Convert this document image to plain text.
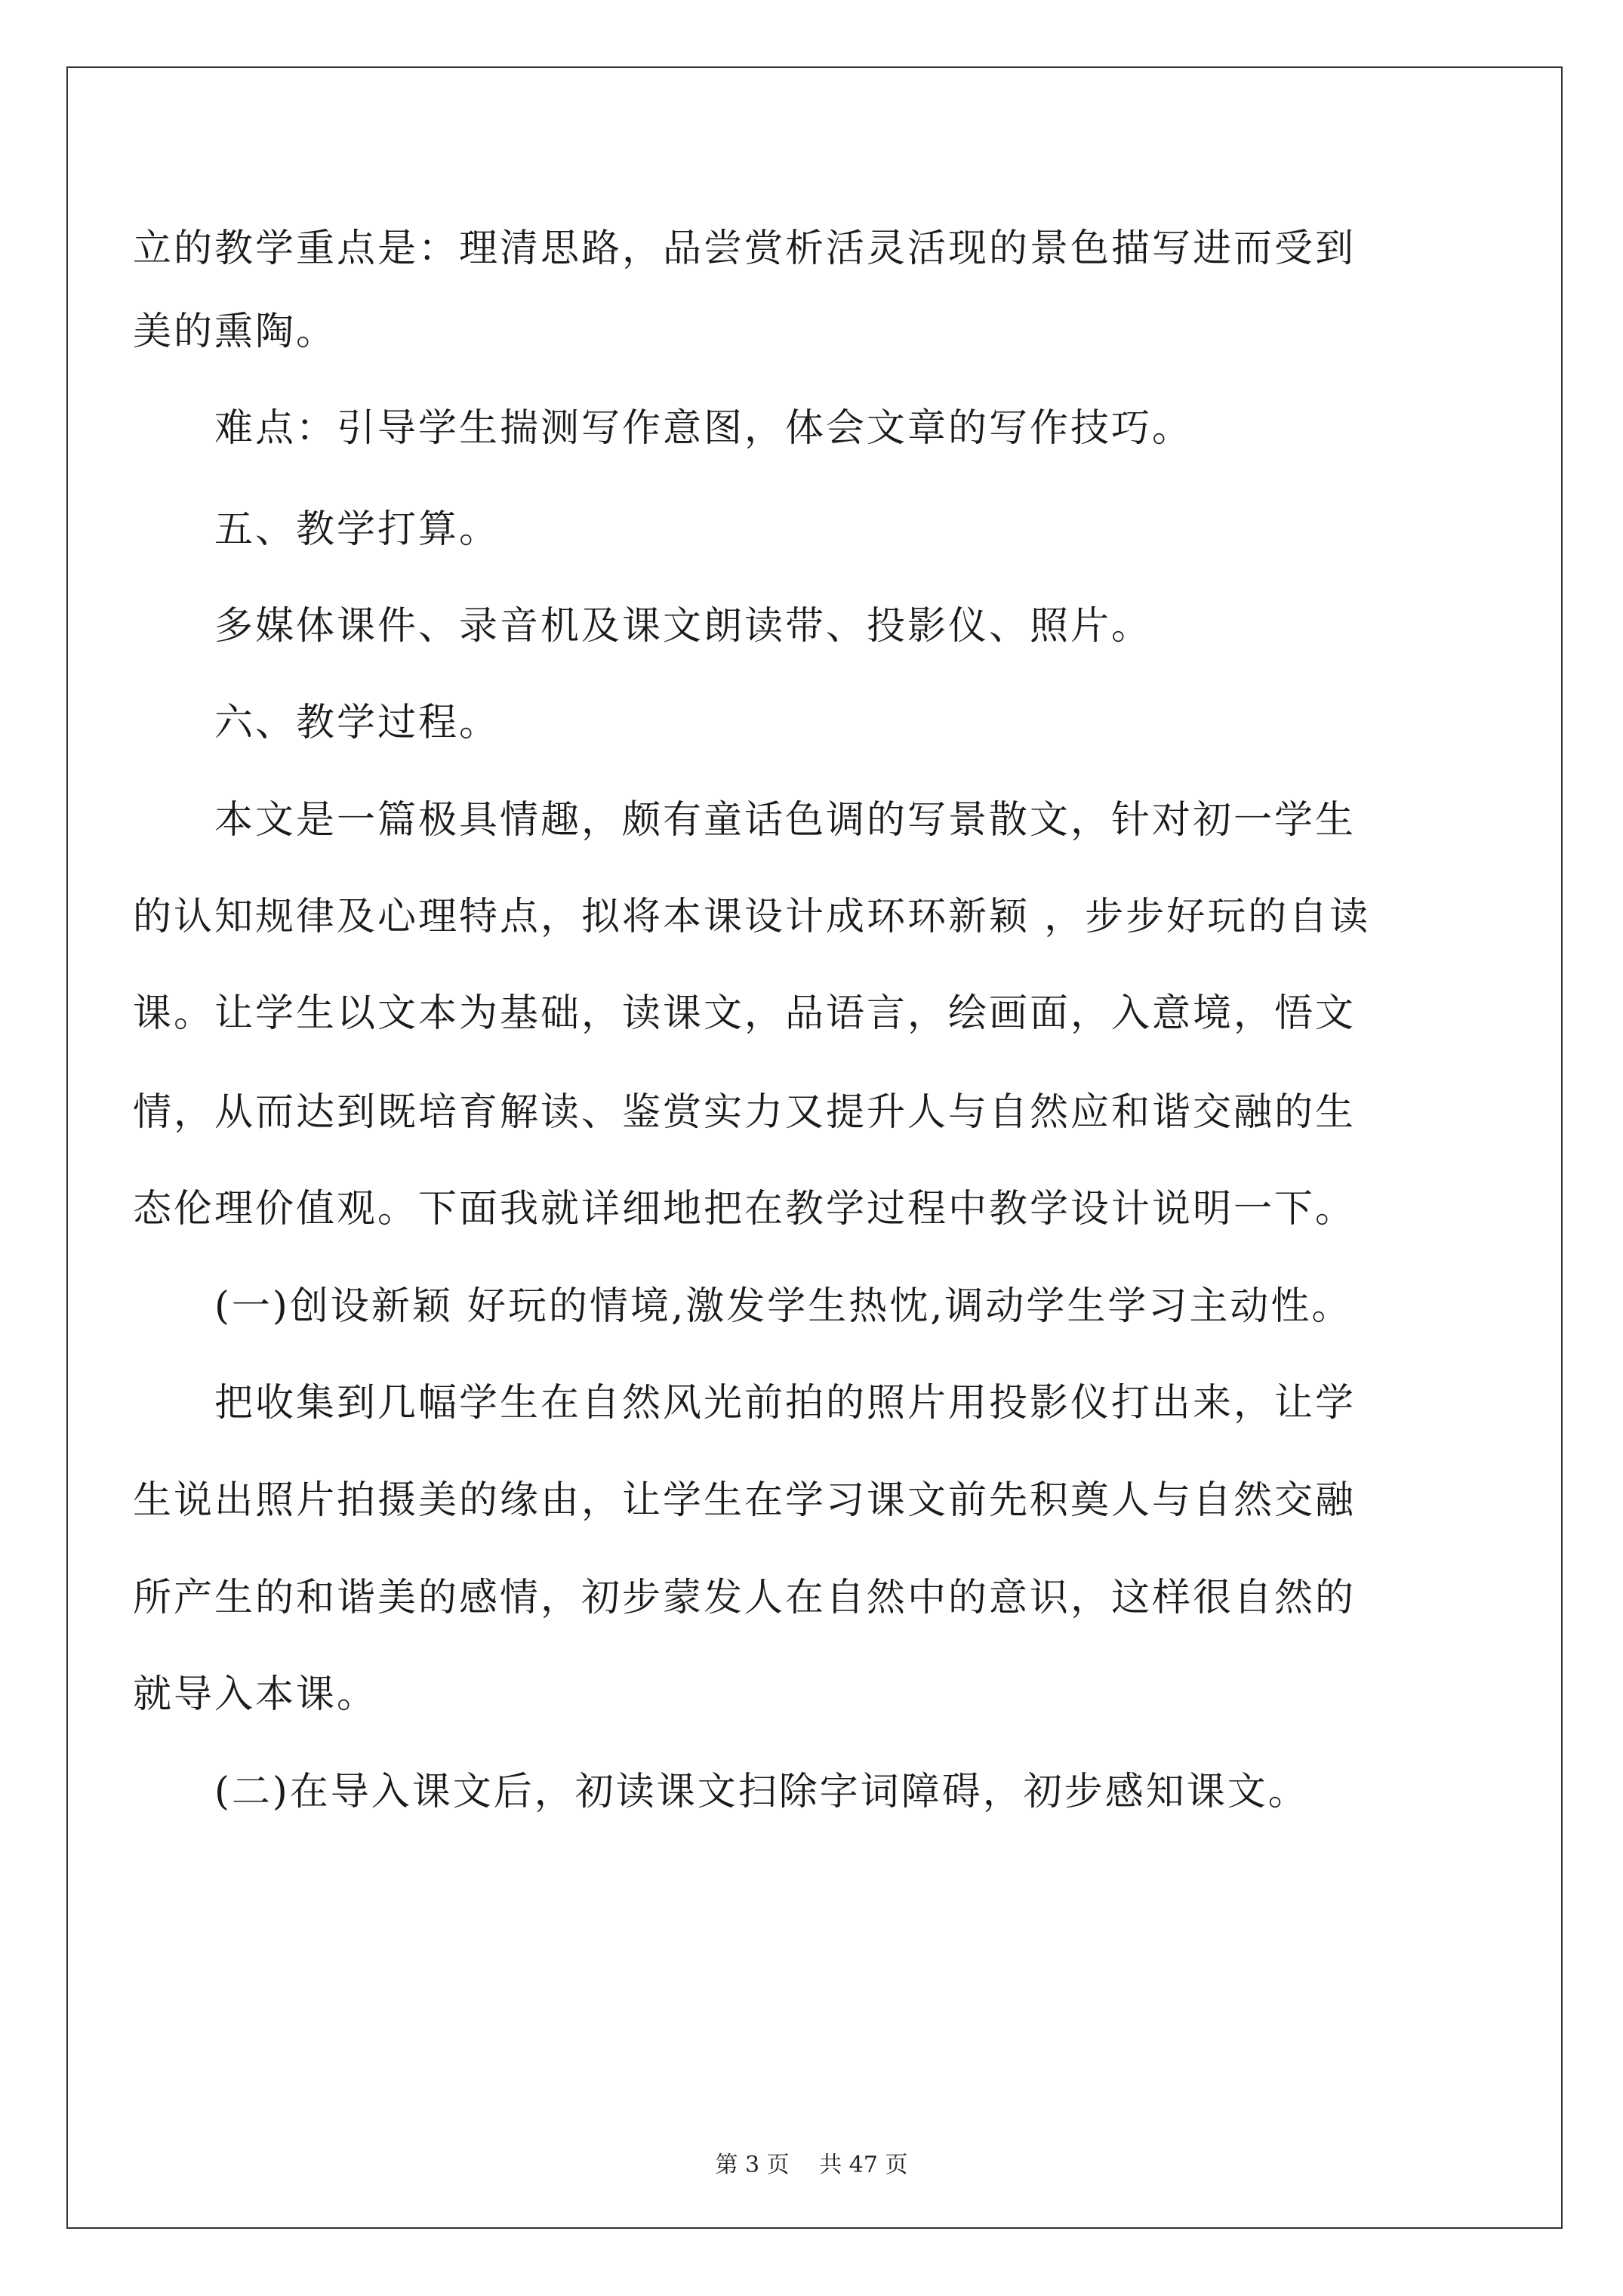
立的教学重点是：理清思路，品尝赏析活灵活现的景色描写进而受到
美的熏陶。
难点：引导学生揣测写作意图，体会文章的写作技巧。
五、教学打算。
多媒体课件、录音机及课文朗读带、投影仪、照片。
六、教学过程。
本文是一篇极具情趣，颇有童话色调的写景散文，针对初一学生
的认知规律及心理特点，拟将本课设计成环环新颖 ，步步好玩的自读
课。让学生以文本为基础，读课文，品语言，绘画面，入意境，悟文
情，从而达到既培育解读、鉴赏实力又提升人与自然应和谐交融的生
态伦理价值观。下面我就详细地把在教学过程中教学设计说明一下。
(一)创设新颖 好玩的情境,激发学生热忱,调动学生学习主动性。
把收集到几幅学生在自然风光前拍的照片用投影仪打出来，让学
生说出照片拍摄美的缘由，让学生在学习课文前先积奠人与自然交融
所产生的和谐美的感情，初步蒙发人在自然中的意识，这样很自然的
就导入本课。
(二)在导入课文后，初读课文扫除字词障碍，初步感知课文。
第 3 页　 共 47 页
